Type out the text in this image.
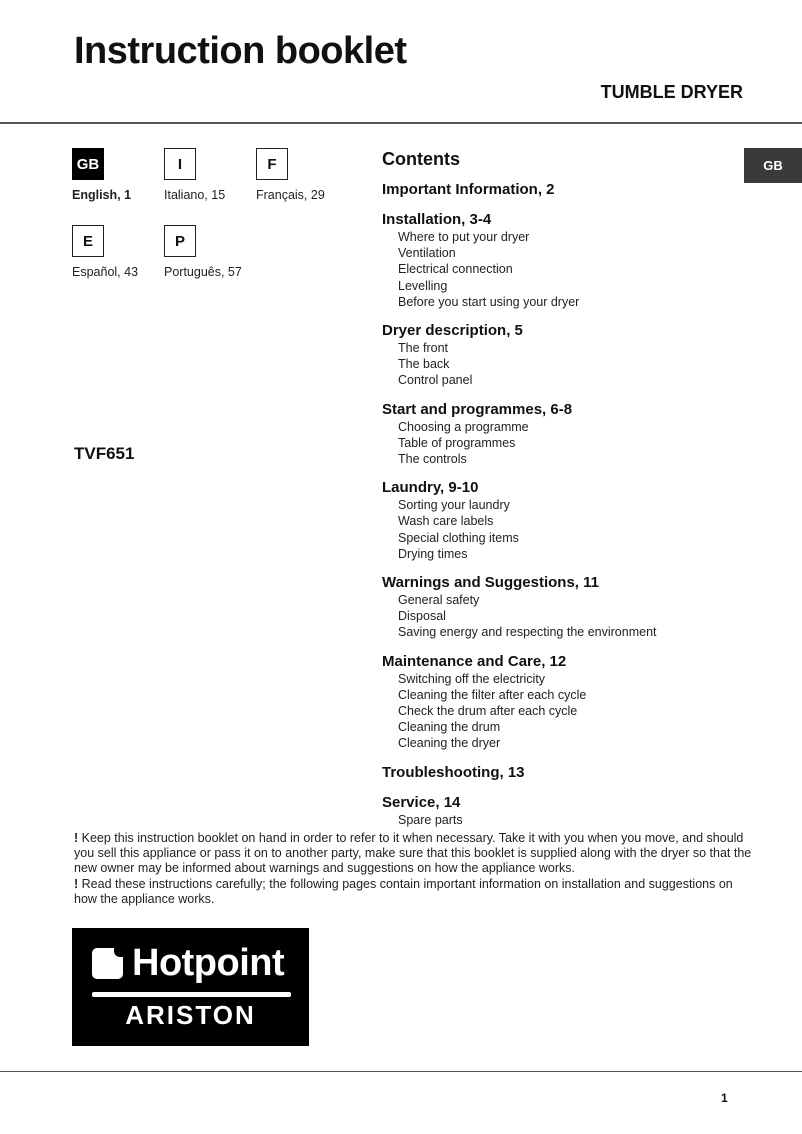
Instruction booklet
TUMBLE DRYER
GB
English, 1
I
Italiano, 15
F
Français, 29
E
Español, 43
P
Português, 57
TVF651
GB
Contents
Important Information, 2
Installation, 3-4
Where to put your dryer
Ventilation
Electrical connection
Levelling
Before you start using your dryer
Dryer description, 5
The front
The back
Control panel
Start and programmes, 6-8
Choosing a programme
Table of programmes
The controls
Laundry, 9-10
Sorting your laundry
Wash care labels
Special clothing items
Drying times
Warnings and Suggestions, 11
General safety
Disposal
Saving energy and respecting the environment
Maintenance and Care, 12
Switching off the electricity
Cleaning the filter after each cycle
Check the drum after each cycle
Cleaning the drum
Cleaning the dryer
Troubleshooting, 13
Service, 14
Spare parts

! Keep this instruction booklet on hand in order to refer to it when necessary. Take it with you when you move, and should you sell this appliance or pass it on to another party, make sure that this booklet is supplied along with the dryer so that the new owner may be informed about warnings and suggestions on how the appliance works.

! Read these instructions carefully; the following pages contain important information on installation and suggestions on how the appliance works.

Hotpoint
ARISTON
1
